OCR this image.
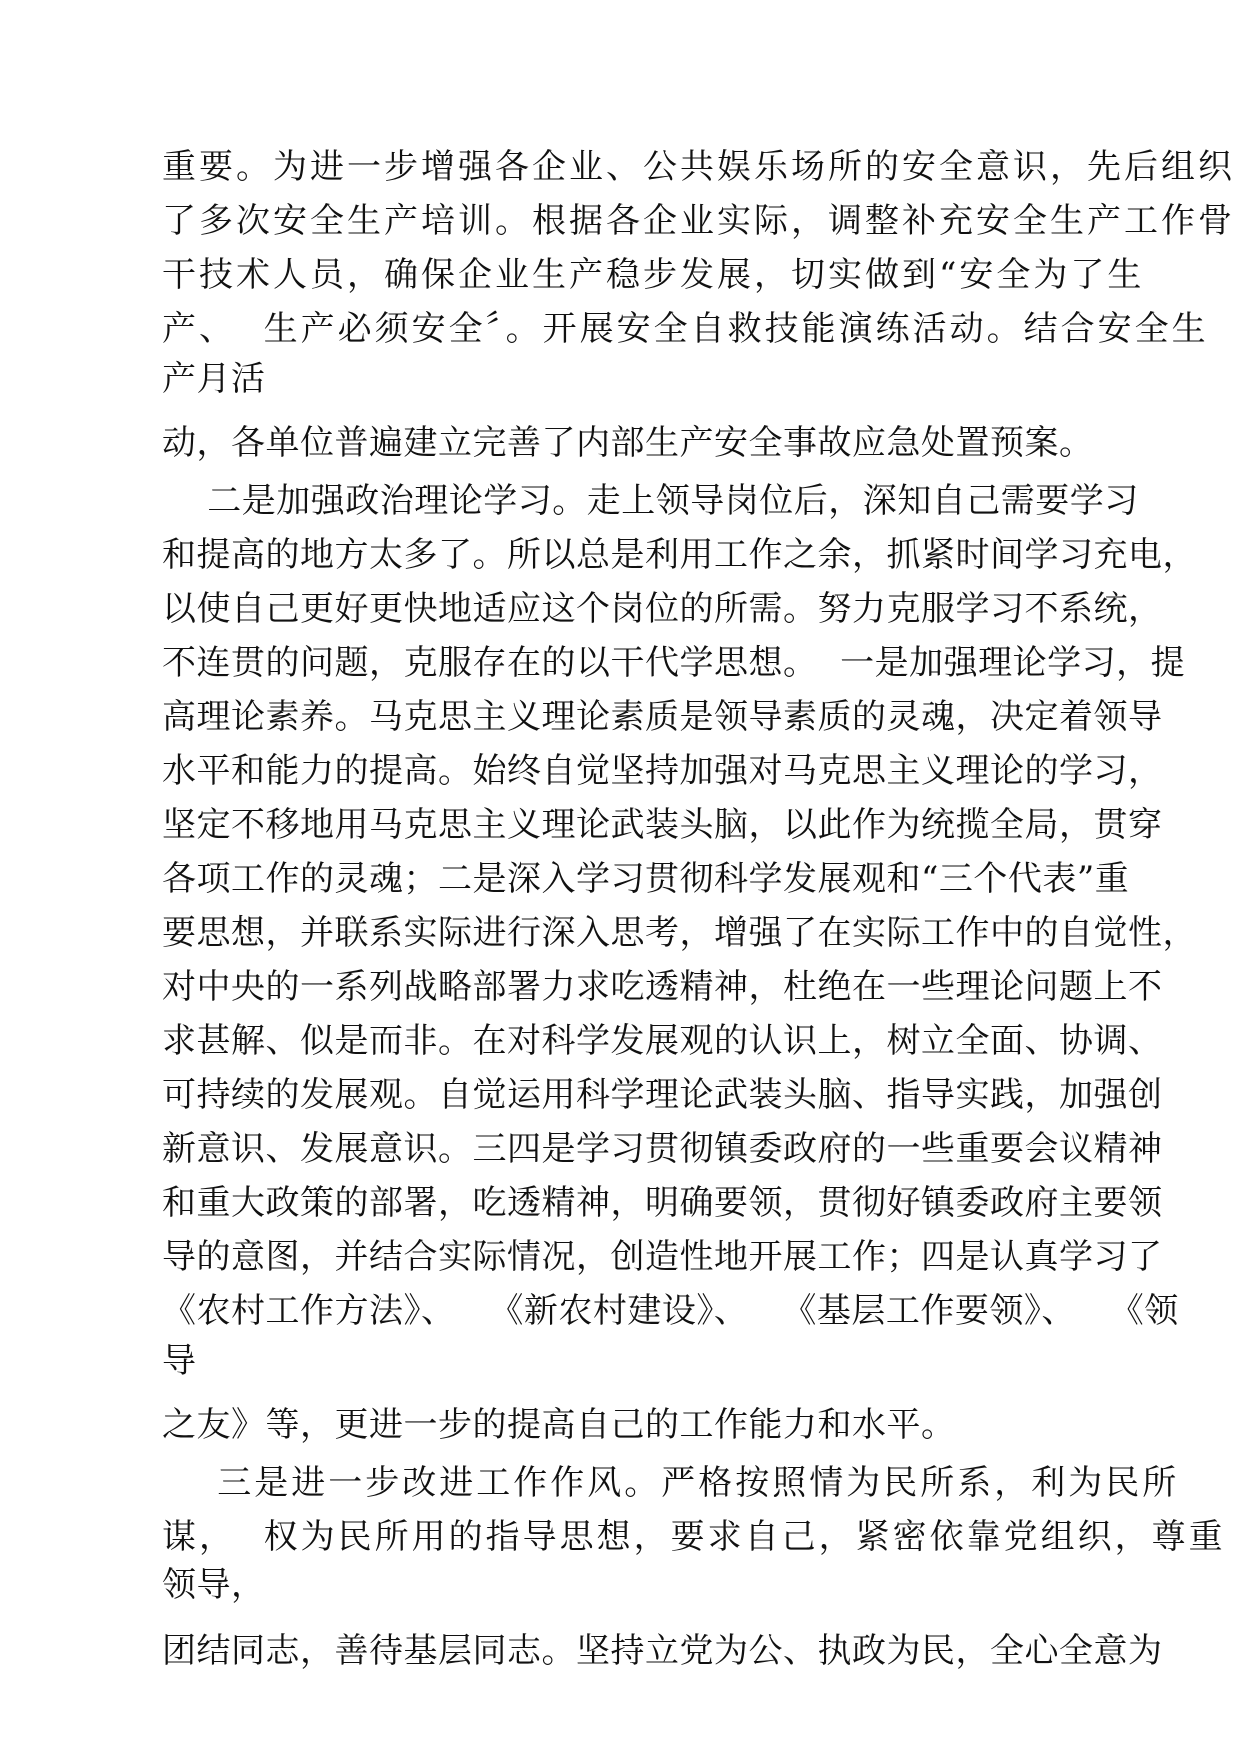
重要。为进一步增强各企业、公共娱乐场所的安全意识，先后组织
了多次安全生产培训。根据各企业实际，调整补充安全生产工作骨
干技术人员，确保企业生产稳步发展，切实做到“安全为了生
产、  生产必须安全〞。开展安全自救技能演练活动。结合安全生
产月活
动，各单位普遍建立完善了内部生产安全事故应急处置预案。
二是加强政治理论学习。走上领导岗位后，深知自己需要学习
和提高的地方太多了。所以总是利用工作之余，抓紧时间学习充电，
以使自己更好更快地适应这个岗位的所需。努力克服学习不系统，
不连贯的问题，克服存在的以干代学思想。  一是加强理论学习，提
高理论素养。马克思主义理论素质是领导素质的灵魂，决定着领导
水平和能力的提高。始终自觉坚持加强对马克思主义理论的学习，
坚定不移地用马克思主义理论武装头脑，以此作为统揽全局，贯穿
各项工作的灵魂；二是深入学习贯彻科学发展观和“三个代表”重
要思想，并联系实际进行深入思考，增强了在实际工作中的自觉性，
对中央的一系列战略部署力求吃透精神，杜绝在一些理论问题上不
求甚解、似是而非。在对科学发展观的认识上，树立全面、协调、
可持续的发展观。自觉运用科学理论武装头脑、指导实践，加强创
新意识、发展意识。三四是学习贯彻镇委政府的一些重要会议精神
和重大政策的部署，吃透精神，明确要领，贯彻好镇委政府主要领
导的意图，并结合实际情况，创造性地开展工作；四是认真学习了
《农村工作方法》、   《新农村建设》、   《基层工作要领》、   《领
导
之友》等，更进一步的提高自己的工作能力和水平。
三是进一步改进工作作风。严格按照情为民所系，利为民所
谋，  权为民所用的指导思想，要求自己，紧密依靠党组织，尊重
领导，
团结同志，善待基层同志。坚持立党为公、执政为民，全心全意为
